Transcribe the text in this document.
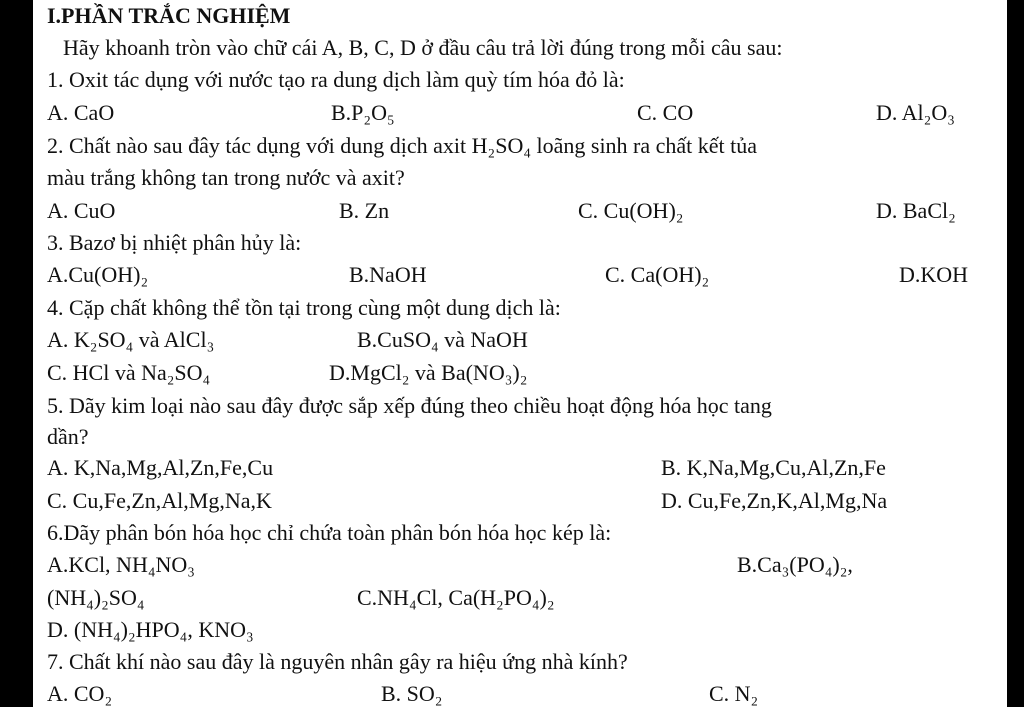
I.PHẦN TRẮC NGHIỆM
Hãy khoanh tròn vào chữ cái A, B, C, D ở đầu câu trả lời đúng trong mỗi câu sau:
1. Oxit tác dụng với nước tạo ra dung dịch làm quỳ tím hóa đỏ là:
A. CaO	B.P₂O₅	C. CO	D. Al₂O₃
2. Chất nào sau đây tác dụng với dung dịch axit H₂SO₄ loãng sinh ra chất kết tủa
màu trắng không tan trong nước và axit?
A. CuO	B. Zn	C. Cu(OH)₂	D. BaCl₂
3. Bazơ bị nhiệt phân hủy là:
A.Cu(OH)₂	B.NaOH	C. Ca(OH)₂	D.KOH
4. Cặp chất không thể tồn tại trong cùng một dung dịch là:
A. K₂SO₄ và AlCl₃	B.CuSO₄ và NaOH
C. HCl và Na₂SO₄	D.MgCl₂ và Ba(NO₃)₂
5. Dãy kim loại nào sau đây được sắp xếp đúng theo chiều hoạt động hóa học tang
dần?
A. K,Na,Mg,Al,Zn,Fe,Cu	B. K,Na,Mg,Cu,Al,Zn,Fe
C. Cu,Fe,Zn,Al,Mg,Na,K	D. Cu,Fe,Zn,K,Al,Mg,Na
6.Dãy phân bón hóa học chỉ chứa toàn phân bón hóa học kép là:
A.KCl, NH₄NO₃	B.Ca₃(PO₄)₂,
(NH₄)₂SO₄	C.NH₄Cl, Ca(H₂PO₄)₂
D. (NH₄)₂HPO₄, KNO₃
7. Chất khí nào sau đây là nguyên nhân gây ra hiệu ứng nhà kính?
A. CO₂	B. SO₂	C. N₂
